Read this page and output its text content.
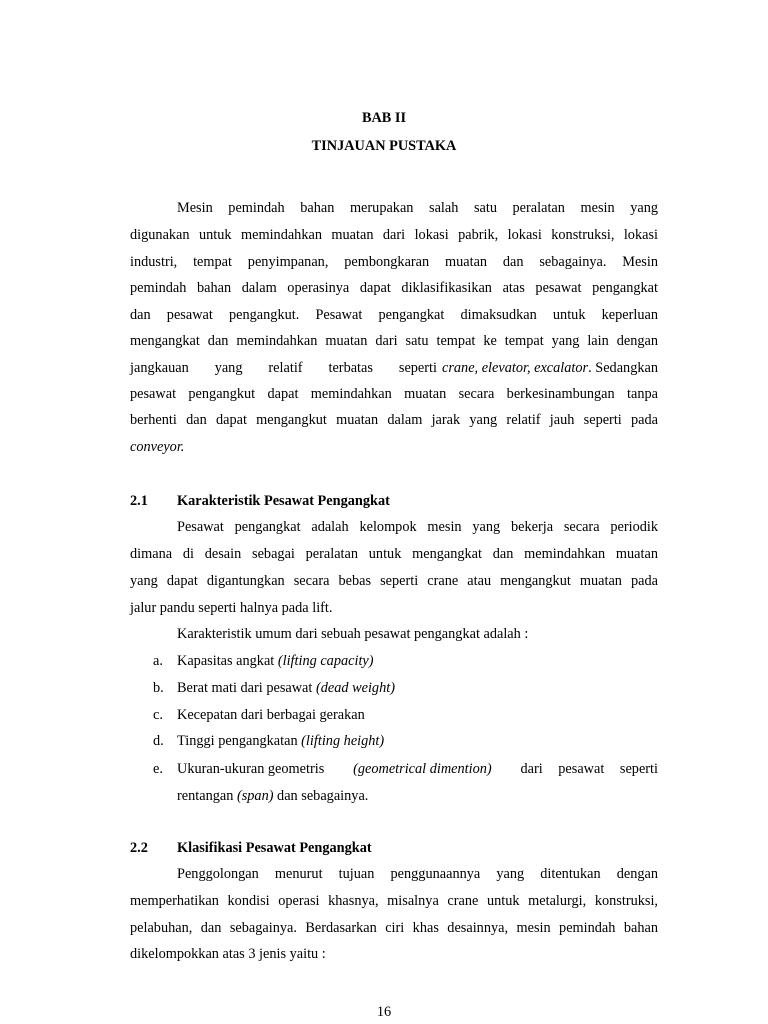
BAB II
TINJAUAN PUSTAKA
Mesin pemindah bahan merupakan salah satu peralatan mesin yang
digunakan untuk memindahkan muatan dari lokasi pabrik, lokasi konstruksi, lokasi
industri, tempat penyimpanan, pembongkaran muatan dan sebagainya. Mesin
pemindah bahan dalam operasinya dapat diklasifikasikan atas pesawat pengangkat
dan pesawat pengangkut. Pesawat pengangkat dimaksudkan untuk keperluan
mengangkat dan memindahkan muatan dari satu tempat ke tempat yang lain dengan
jangkauan yang relatif terbatas seperti crane, elevator, excalator. Sedangkan
pesawat pengangkut dapat memindahkan muatan secara berkesinambungan tanpa
berhenti dan dapat mengangkut muatan dalam jarak yang relatif jauh seperti pada
conveyor.
2.1 Karakteristik Pesawat Pengangkat
Pesawat pengangkat adalah kelompok mesin yang bekerja secara periodik
dimana di desain sebagai peralatan untuk mengangkat dan memindahkan muatan
yang dapat digantungkan secara bebas seperti crane atau mengangkut muatan pada
jalur pandu seperti halnya pada lift.
Karakteristik umum dari sebuah pesawat pengangkat adalah :
a. Kapasitas angkat (lifting capacity)
b. Berat mati dari pesawat (dead weight)
c. Kecepatan dari berbagai gerakan
d. Tinggi pengangkatan (lifting height)
e. Ukuran-ukuran geometris (geometrical dimention) dari pesawat seperti
rentangan (span) dan sebagainya.
2.2 Klasifikasi Pesawat Pengangkat
Penggolongan menurut tujuan penggunaannya yang ditentukan dengan
memperhatikan kondisi operasi khasnya, misalnya crane untuk metalurgi, konstruksi,
pelabuhan, dan sebagainya. Berdasarkan ciri khas desainnya, mesin pemindah bahan
dikelompokkan atas 3 jenis yaitu :
16
